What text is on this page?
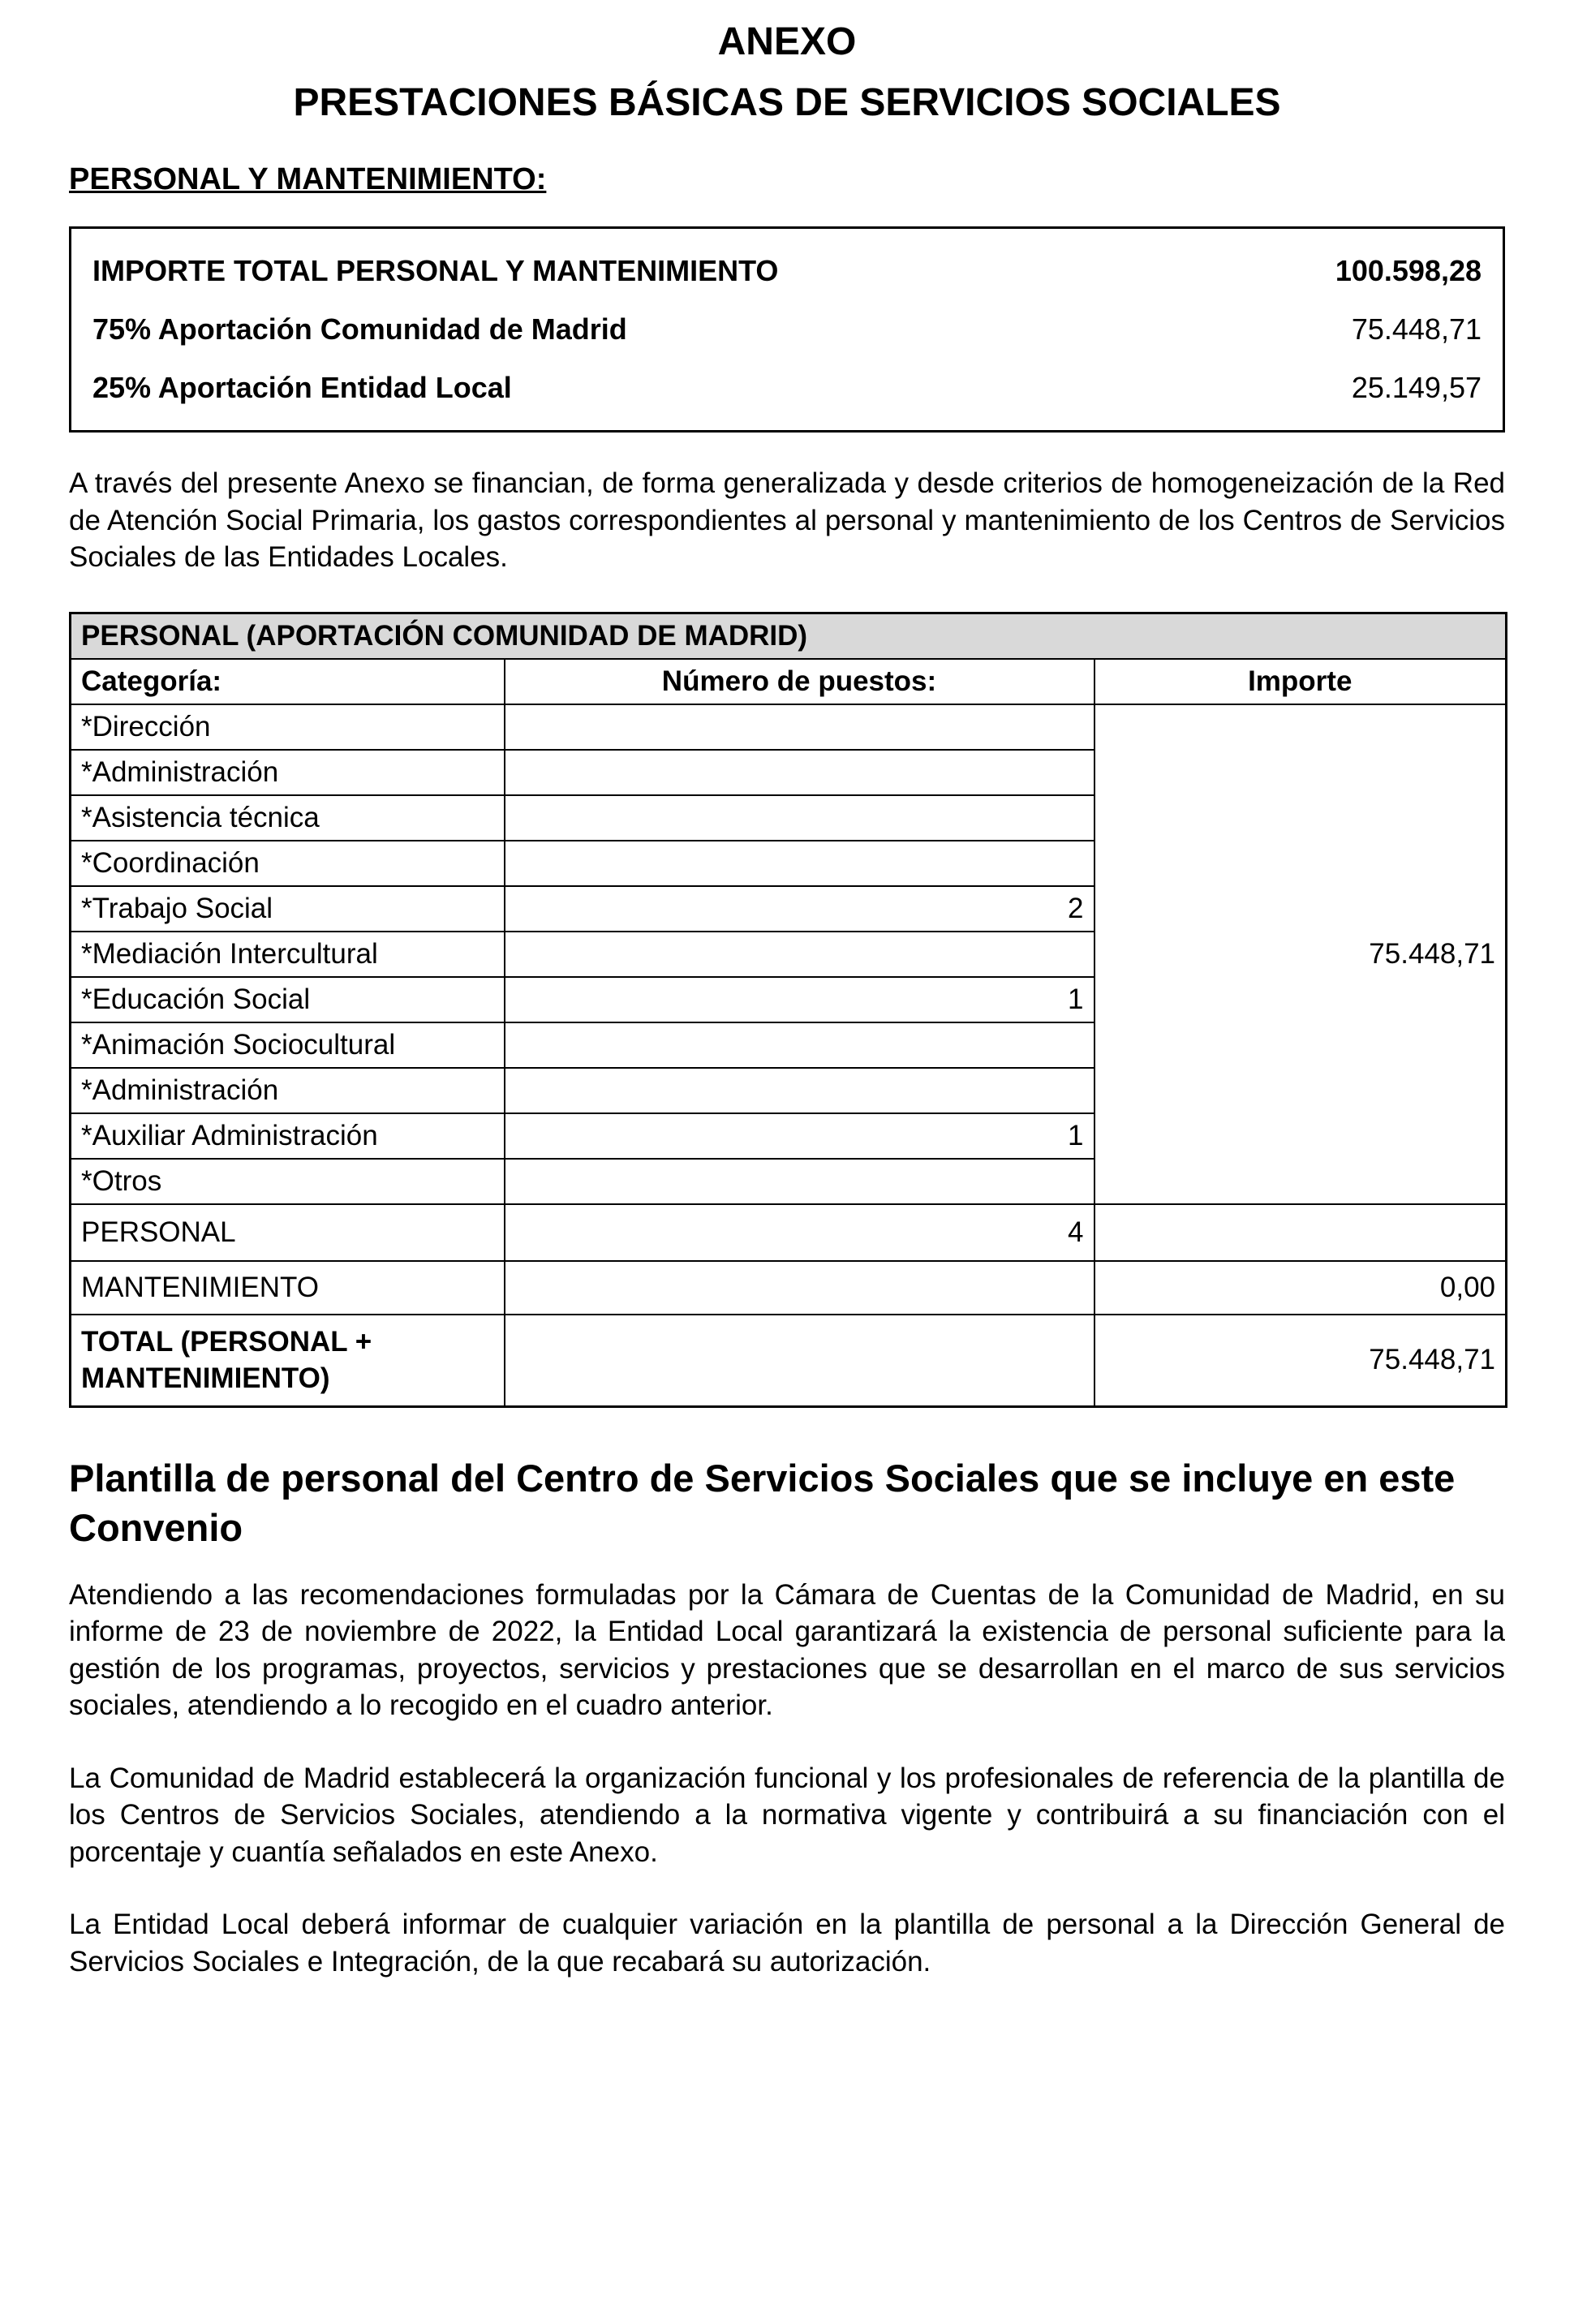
ANEXO
PRESTACIONES BÁSICAS DE SERVICIOS SOCIALES
PERSONAL Y MANTENIMIENTO:
IMPORTE TOTAL PERSONAL Y MANTENIMIENTO	100.598,28
75% Aportación Comunidad de Madrid	75.448,71
25% Aportación Entidad Local	25.149,57

A través del presente Anexo se financian, de forma generalizada y desde criterios de homogeneización de la Red de Atención Social Primaria, los gastos correspondientes al personal y mantenimiento de los Centros de Servicios Sociales de las Entidades Locales.

PERSONAL (APORTACIÓN COMUNIDAD DE MADRID)		
Categoría:	Número de puestos:	Importe
*Dirección		75.448,71
*Administración		
*Asistencia técnica		
*Coordinación		
*Trabajo Social	2	
*Mediación Intercultural		
*Educación Social	1	
*Animación Sociocultural		
*Administración		
*Auxiliar Administración	1	
*Otros		
PERSONAL	4	
MANTENIMIENTO		0,00
TOTAL (PERSONAL + MANTENIMIENTO)		75.448,71
Plantilla de personal del Centro de Servicios Sociales que se incluye en este Convenio

Atendiendo a las recomendaciones formuladas por la Cámara de Cuentas de la Comunidad de Madrid, en su informe de 23 de noviembre de 2022, la Entidad Local garantizará la existencia de personal suficiente para la gestión de los programas, proyectos, servicios y prestaciones que se desarrollan en el marco de sus servicios sociales, atendiendo a lo recogido en el cuadro anterior.

La Comunidad de Madrid establecerá la organización funcional y los profesionales de referencia de la plantilla de los Centros de Servicios Sociales, atendiendo a la normativa vigente y contribuirá a su financiación con el porcentaje y cuantía señalados en este Anexo.

La Entidad Local deberá informar de cualquier variación en la plantilla de personal a la Dirección General de Servicios Sociales e Integración, de la que recabará su autorización.
